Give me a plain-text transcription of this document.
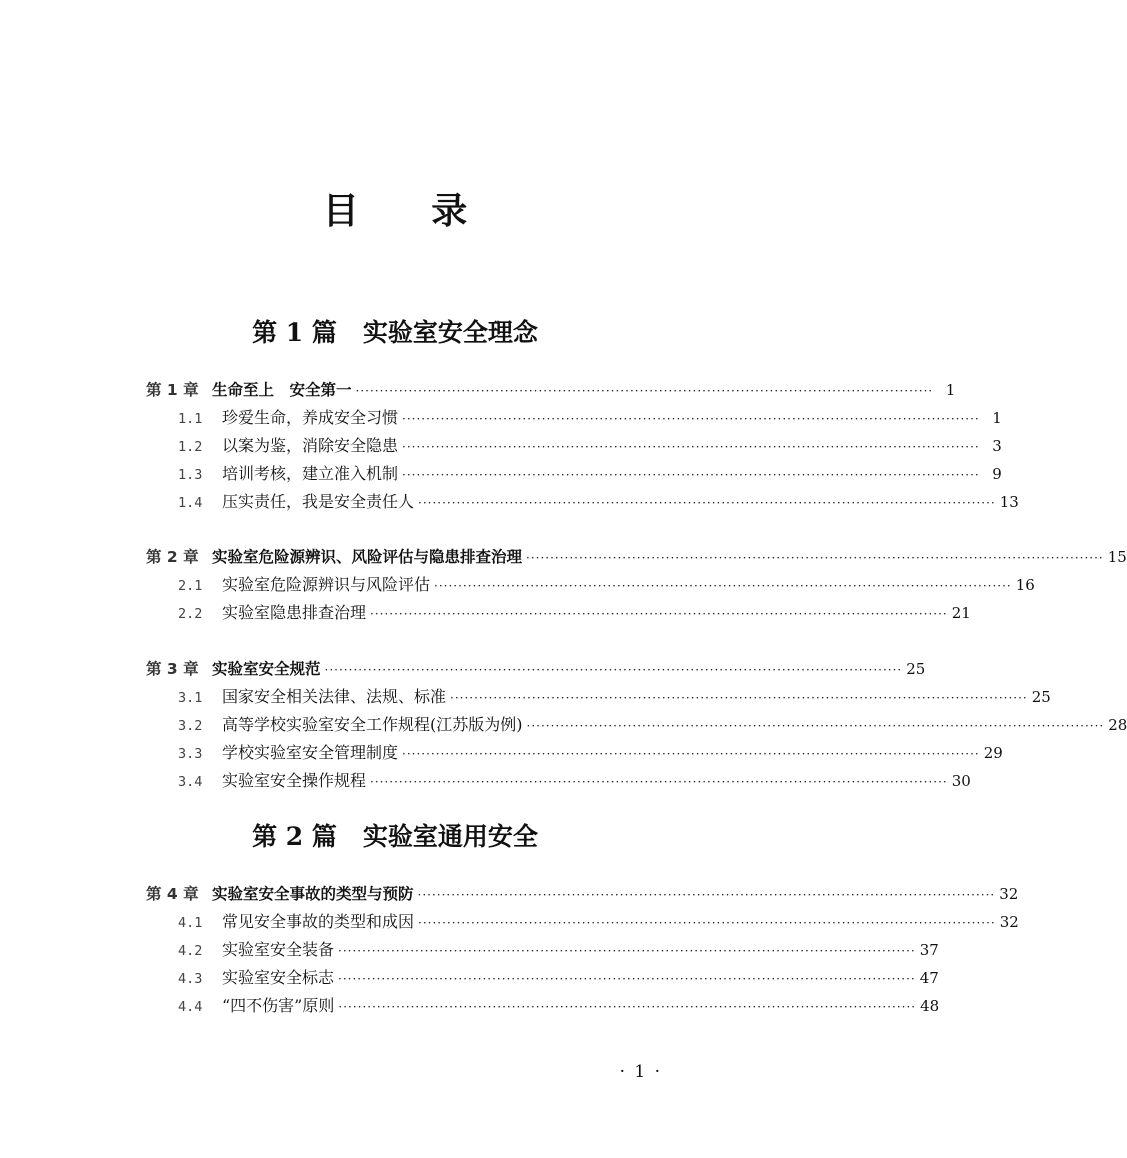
目 录
第 1 篇 实验室安全理念
第 1 章 生命至上　安全第一 ························································································································ 1
1.1	珍爱生命，养成安全习惯 ························································································································ 1
1.2	以案为鉴，消除安全隐患 ························································································································ 3
1.3	培训考核，建立准入机制 ························································································································ 9
1.4	压实责任，我是安全责任人 ························································································································ 13
第 2 章 实验室危险源辨识、风险评估与隐患排查治理 ························································································································ 15
2.1	实验室危险源辨识与风险评估 ························································································································ 16
2.2	实验室隐患排查治理 ························································································································ 21
第 3 章 实验室安全规范 ························································································································ 25
3.1	国家安全相关法律、法规、标准 ························································································································ 25
3.2	高等学校实验室安全工作规程(江苏版为例) ························································································································ 28
3.3	学校实验室安全管理制度 ························································································································ 29
3.4	实验室安全操作规程 ························································································································ 30
第 2 篇 实验室通用安全
第 4 章 实验室安全事故的类型与预防 ························································································································ 32
4.1	常见安全事故的类型和成因 ························································································································ 32
4.2	实验室安全装备 ························································································································ 37
4.3	实验室安全标志 ························································································································ 47
4.4	“四不伤害”原则 ························································································································ 48
· 1 ·
